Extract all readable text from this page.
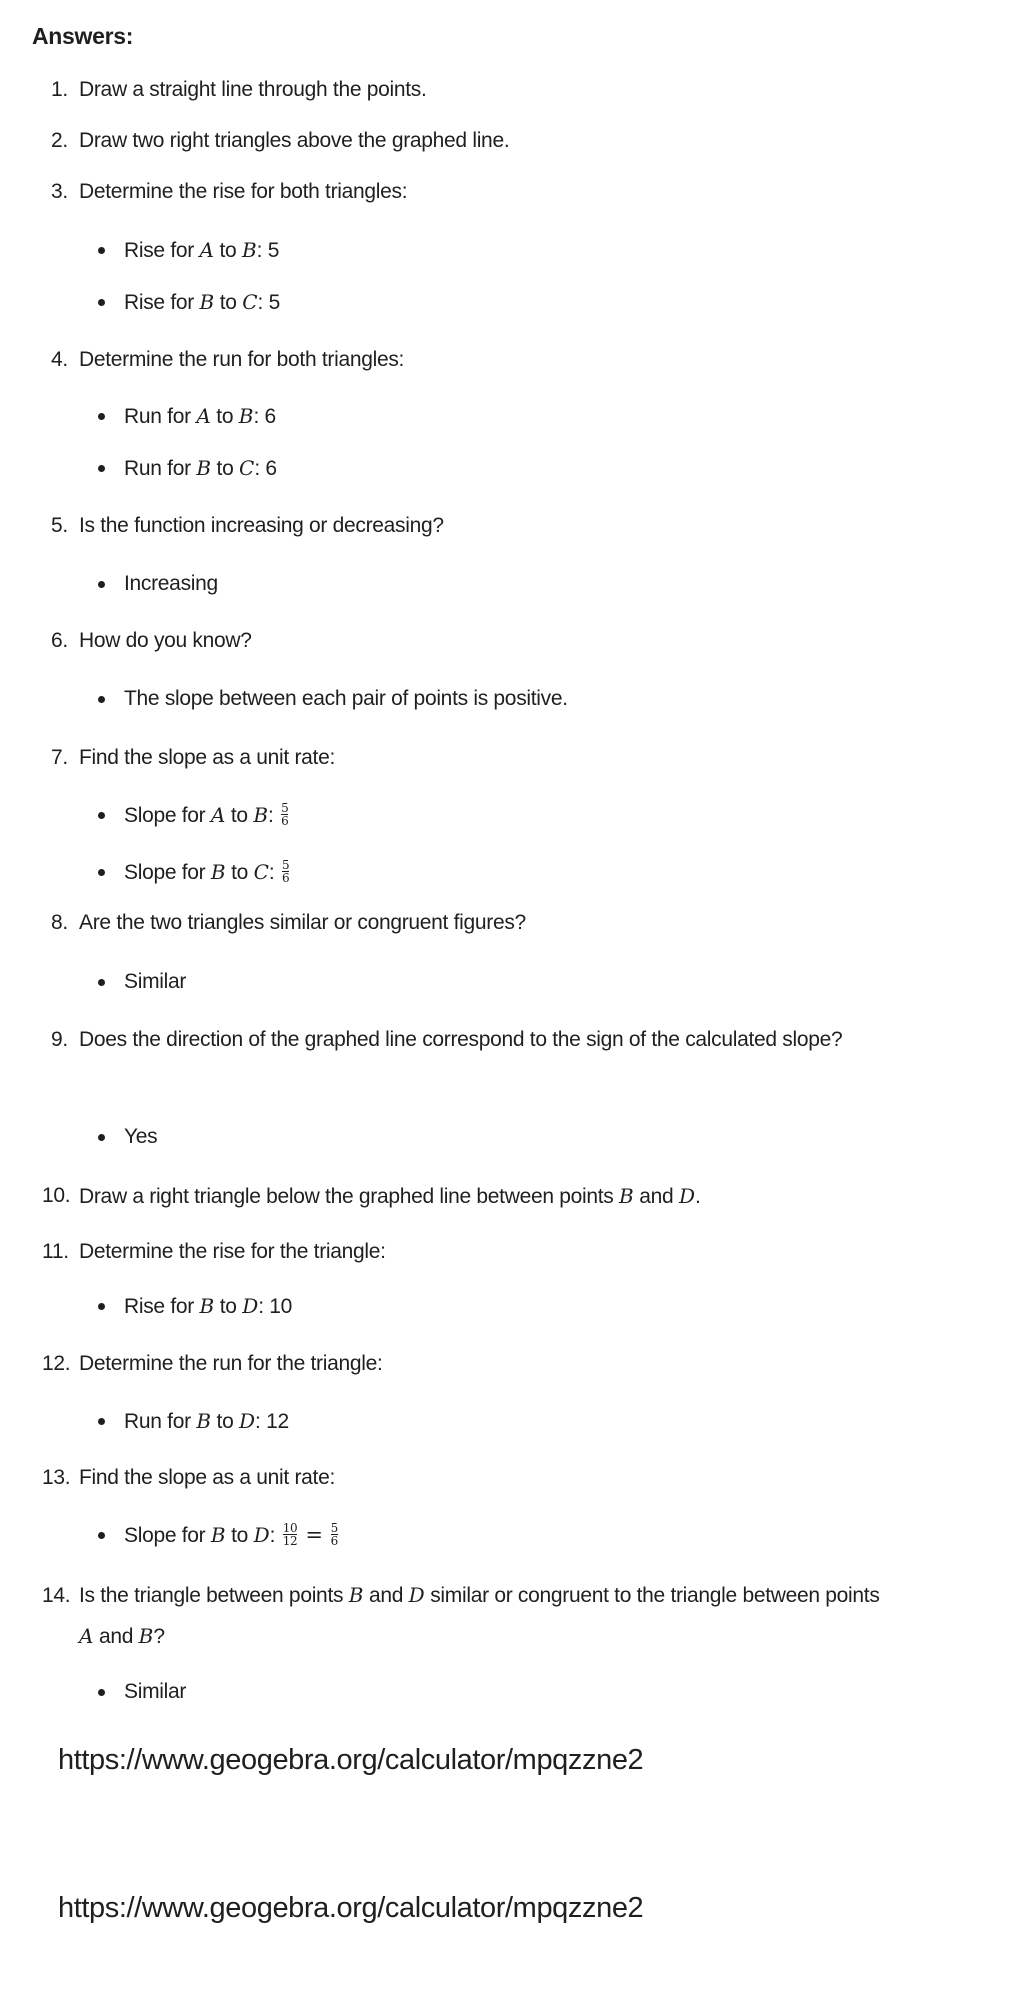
Answers:
1. Draw a straight line through the points.
2. Draw two right triangles above the graphed line.
3. Determine the rise for both triangles:
Rise for A to B: 5
Rise for B to C: 5
4. Determine the run for both triangles:
Run for A to B: 6
Run for B to C: 6
5. Is the function increasing or decreasing?
Increasing
6. How do you know?
The slope between each pair of points is positive.
7. Find the slope as a unit rate:
Slope for A to B: $\frac{5}{6}$
Slope for B to C: $\frac{5}{6}$
8. Are the two triangles similar or congruent figures?
Similar
9. Does the direction of the graphed line correspond to the sign of the calculated slope?
Yes
10. Draw a right triangle below the graphed line between points B and D.
11. Determine the rise for the triangle:
Rise for B to D: 10
12. Determine the run for the triangle:
Run for B to D: 12
13. Find the slope as a unit rate:
Slope for B to D: $\frac{10}{12} = \frac{5}{6}$
14. Is the triangle between points B and D similar or congruent to the triangle between points A and B?
Similar
https://www.geogebra.org/calculator/mpqzzne2
https://www.geogebra.org/calculator/mpqzzne2
